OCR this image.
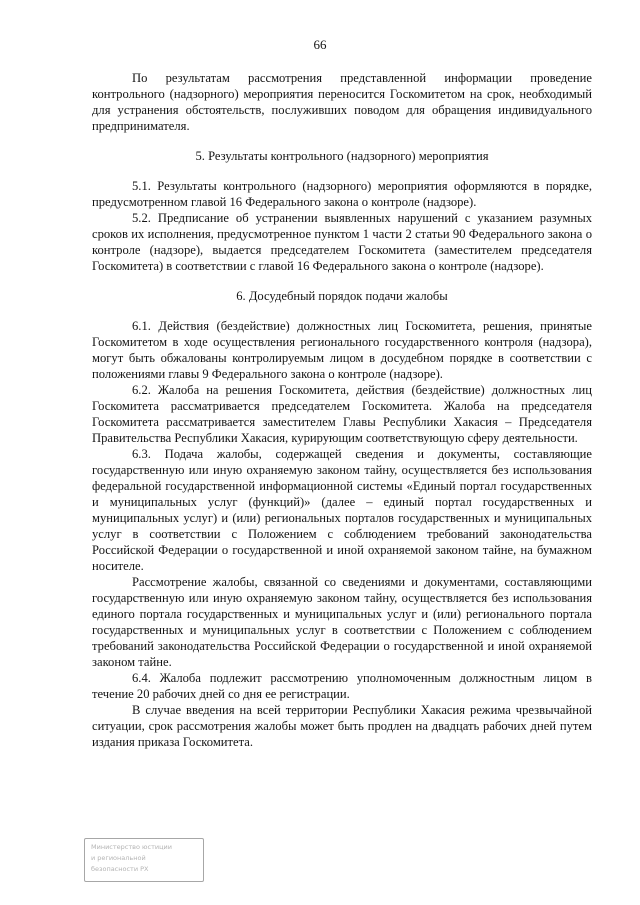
66

По результатам рассмотрения представленной информации проведение контрольного (надзорного) мероприятия переносится Госкомитетом на срок, необходимый для устранения обстоятельств, послуживших поводом для обращения индивидуального предпринимателя.

5. Результаты контрольного (надзорного) мероприятия

5.1. Результаты контрольного (надзорного) мероприятия оформляются в порядке, предусмотренном главой 16 Федерального закона о контроле (надзоре).

5.2. Предписание об устранении выявленных нарушений с указанием разумных сроков их исполнения, предусмотренное пунктом 1 части 2 статьи 90 Федерального закона о контроле (надзоре), выдается председателем Госкомитета (заместителем председателя Госкомитета) в соответствии с главой 16 Федерального закона о контроле (надзоре).

6. Досудебный порядок подачи жалобы

6.1. Действия (бездействие) должностных лиц Госкомитета, решения, принятые Госкомитетом в ходе осуществления регионального государственного контроля (надзора), могут быть обжалованы контролируемым лицом в досудебном порядке в соответствии с положениями главы 9 Федерального закона о контроле (надзоре).

6.2. Жалоба на решения Госкомитета, действия (бездействие) должностных лиц Госкомитета рассматривается председателем Госкомитета. Жалоба на председателя Госкомитета рассматривается заместителем Главы Республики Хакасия – Председателя Правительства Республики Хакасия, курирующим соответствующую сферу деятельности.

6.3. Подача жалобы, содержащей сведения и документы, составляющие государственную или иную охраняемую законом тайну, осуществляется без использования федеральной государственной информационной системы «Единый портал государственных и муниципальных услуг (функций)» (далее – единый портал государственных и муниципальных услуг) и (или) региональных порталов государственных и муниципальных услуг в соответствии с Положением с соблюдением требований законодательства Российской Федерации о государственной и иной охраняемой законом тайне, на бумажном носителе.

Рассмотрение жалобы, связанной со сведениями и документами, составляющими государственную или иную охраняемую законом тайну, осуществляется без использования единого портала государственных и муниципальных услуг и (или) регионального портала государственных и муниципальных услуг в соответствии с Положением с соблюдением требований законодательства Российской Федерации о государственной и иной охраняемой законом тайне.

6.4. Жалоба подлежит рассмотрению уполномоченным должностным лицом в течение 20 рабочих дней со дня ее регистрации.

В случае введения на всей территории Республики Хакасия режима чрезвычайной ситуации, срок рассмотрения жалобы может быть продлен на двадцать рабочих дней путем издания приказа Госкомитета.

Министерство юстиции
и региональной
безопасности РХ
